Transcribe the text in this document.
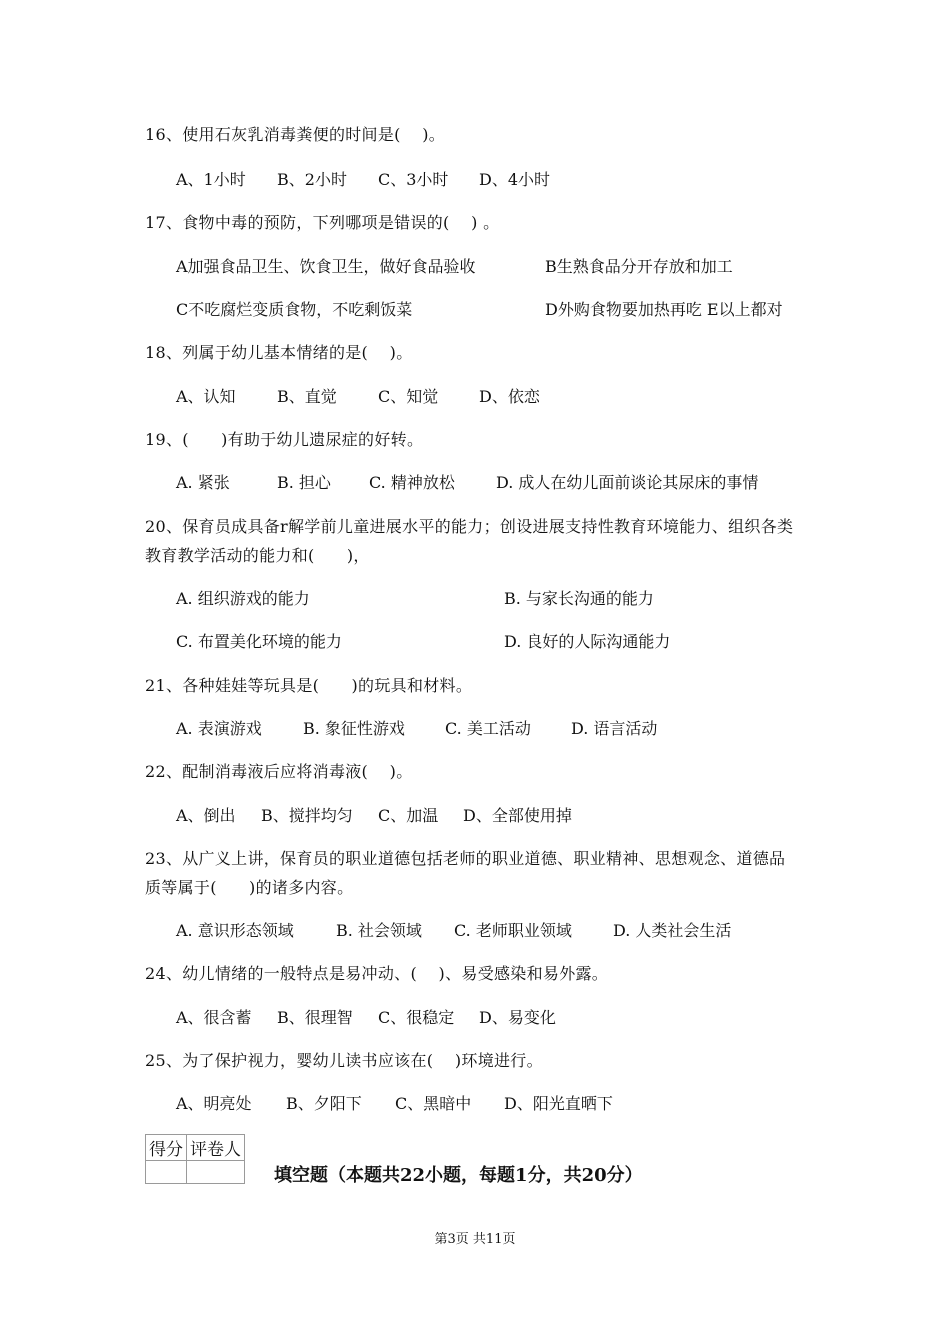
16、使用石灰乳消毒粪便的时间是(    )。
A、1小时 B、2小时 C、3小时 D、4小时
17、食物中毒的预防，下列哪项是错误的(    ) 。
A加强食品卫生、饮食卫生，做好食品验收	B生熟食品分开存放和加工
C不吃腐烂变质食物，不吃剩饭菜	D外购食物要加热再吃 E以上都对
18、列属于幼儿基本情绪的是(    )。
A、认知	B、直觉	C、知觉	D、依恋
19、(      )有助于幼儿遗尿症的好转。
A. 紧张	B. 担心 C. 精神放松	D. 成人在幼儿面前谈论其尿床的事情
20、保育员成具备r解学前儿童进展水平的能力；创设进展支持性教育环境能力、组织各类
教育教学活动的能力和(      )，
A. 组织游戏的能力	B. 与家长沟通的能力
C. 布置美化环境的能力	D. 良好的人际沟通能力
21、各种娃娃等玩具是(      )的玩具和材料。
A. 表演游戏	B. 象征性游戏	C. 美工活动	D. 语言活动
22、配制消毒液后应将消毒液(    )。
A、倒出 B、搅拌均匀 C、加温 D、全部使用掉
23、从广义上讲，保育员的职业道德包括老师的职业道德、职业精神、思想观念、道德品
质等属于(      )的诸多内容。
A. 意识形态领域	B. 社会领域 C. 老师职业领域	D. 人类社会生活
24、幼儿情绪的一般特点是易冲动、(    )、易受感染和易外露。
A、很含蓄 B、很理智 C、很稳定 D、易变化
25、为了保护视力，婴幼儿读书应该在(    )环境进行。
A、明亮处 B、夕阳下 C、黑暗中 D、阳光直晒下
得分	评卷人

填空题（本题共22小题，每题1分，共20分）
第3页 共11页
